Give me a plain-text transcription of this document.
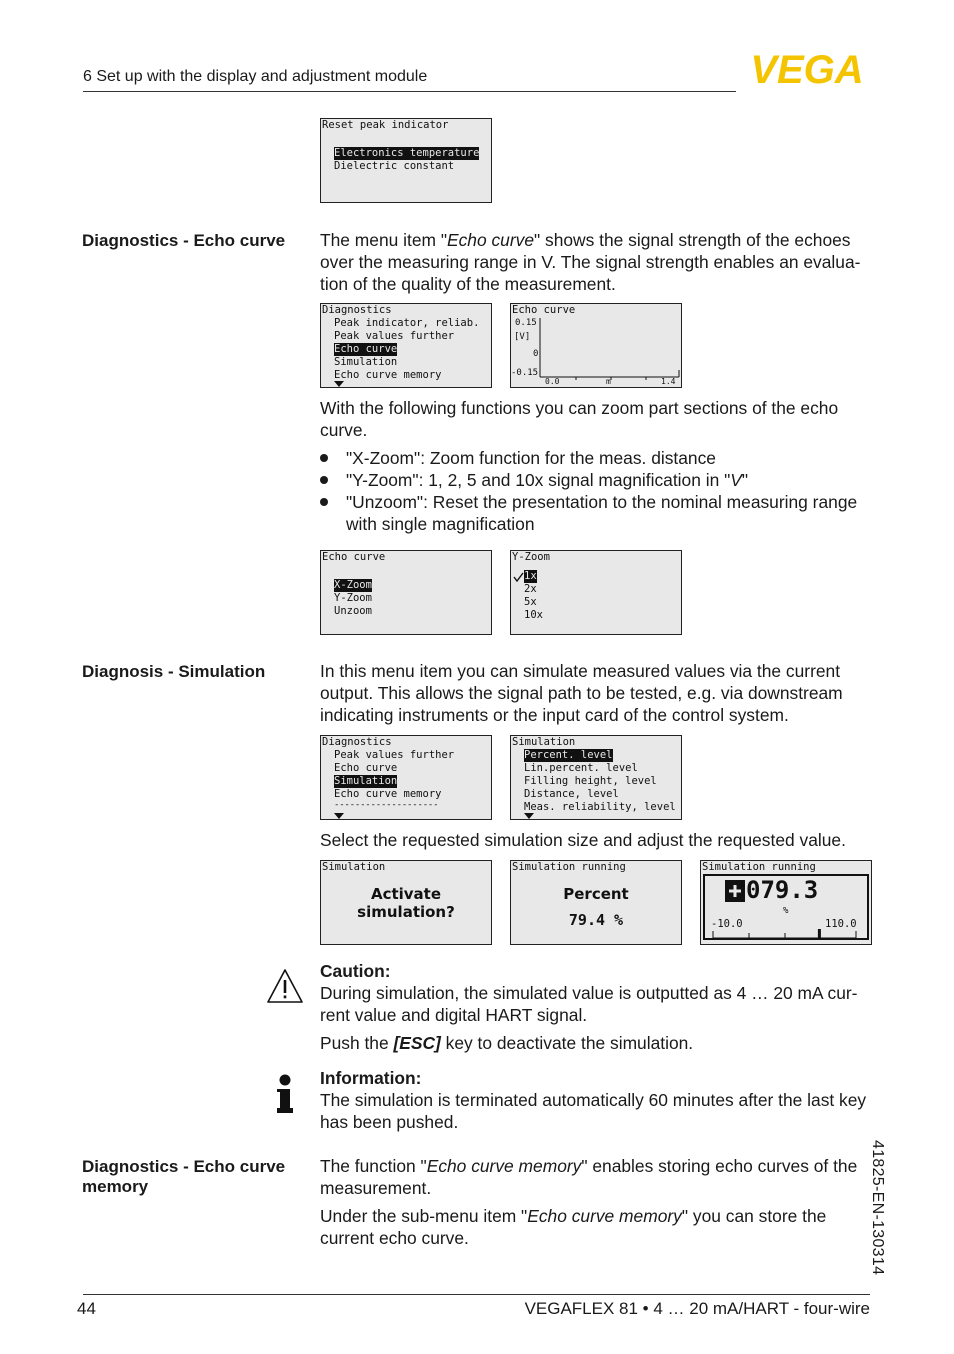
6 Set up with the display and adjustment module	VEGA
Reset peak indicator
Electronics temperature
Dielectric constant
Diagnostics - Echo curve	The menu item "Echo curve" shows the signal strength of the echoes over the measuring range in V. The signal strength enables an evalua-tion of the quality of the measurement.
Diagnostics
Peak indicator, reliab.
Peak values further
Echo curve
Simulation
Echo curve memory
Echo curve
0.15
[V]
0
-0.15
0.0	m	1.4
With the following functions you can zoom part sections of the echo curve.
"X-Zoom": Zoom function for the meas. distance
"Y-Zoom": 1, 2, 5 and 10x signal magnification in "V"
"Unzoom": Reset the presentation to the nominal measuring range with single magnification
Echo curve
X-Zoom
Y-Zoom
Unzoom
Y-Zoom
1x
2x
5x
10x
Diagnosis - Simulation	In this menu item you can simulate measured values via the current output. This allows the signal path to be tested, e.g. via downstream indicating instruments or the input card of the control system.
Diagnostics
Peak values further
Echo curve
Simulation
Echo curve memory
--------------------
Simulation
Percent. level
Lin.percent. level
Filling height, level
Distance, level
Meas. reliability, level
Select the requested simulation size and adjust the requested value.
Simulation
Activate
simulation?
Simulation running
Percent
79.4 %
Simulation running
079.3
%
-10.0	110.0
Caution:
During simulation, the simulated value is outputted as 4 … 20 mA cur-rent value and digital HART signal.
Push the [ESC] key to deactivate the simulation.
Information:
The simulation is terminated automatically 60 minutes after the last key has been pushed.
Diagnostics - Echo curve
memory
The function "Echo curve memory" enables storing echo curves of the measurement.
Under the sub-menu item "Echo curve memory" you can store the current echo curve.	41825-EN-130314
44	VEGAFLEX 81 • 4 … 20 mA/HART - four-wire
